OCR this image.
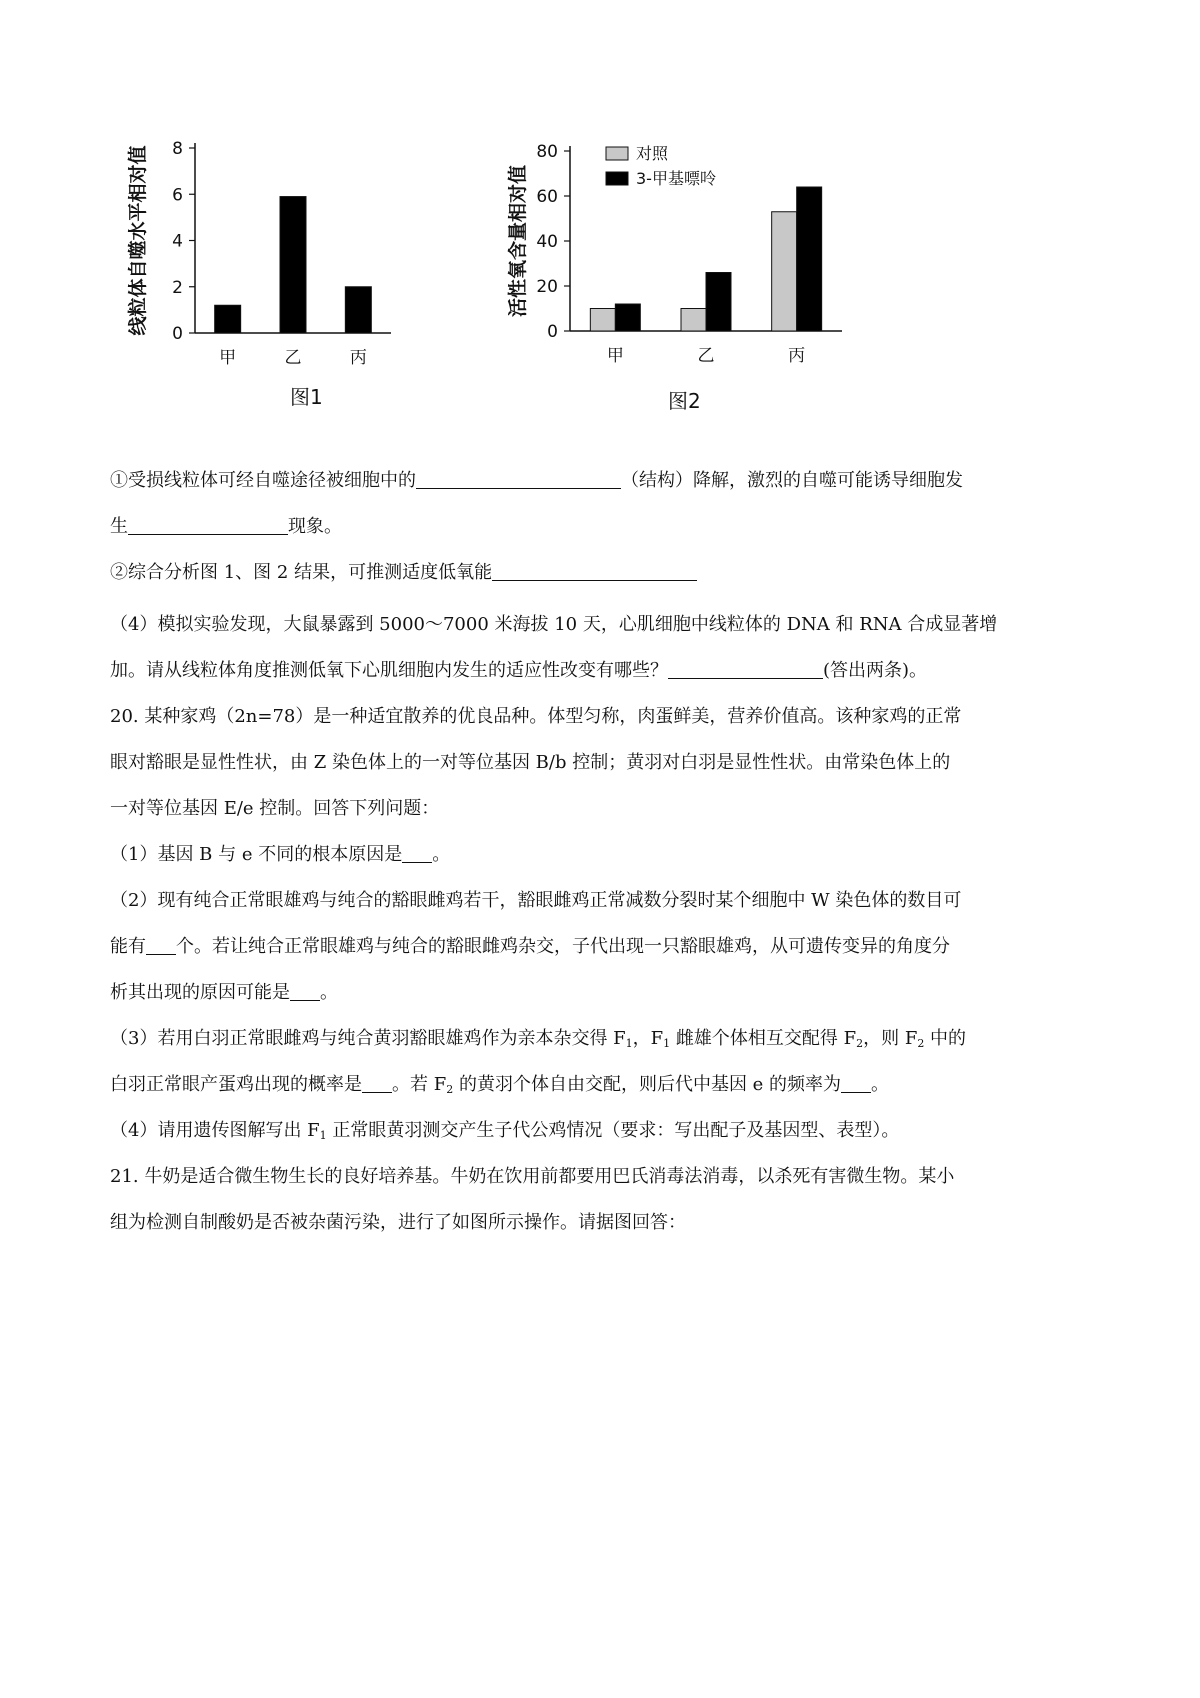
0
2
4
6
8
线粒体自噬水平相对值
甲	乙	丙
图1
0
20
40
60
80
活性氧含量相对值
甲	乙	丙
对照
3-甲基嘌呤
图2

①受损线粒体可经自噬途径被细胞中的	（结构）降解，激烈的自噬可能诱导细胞发

生	现象。

②综合分析图 1、图 2 结果，可推测适度低氧能

（4）模拟实验发现，大鼠暴露到 5000～7000 米海拔 10 天，心肌细胞中线粒体的 DNA 和 RNA 合成显著增

加。请从线粒体角度推测低氧下心肌细胞内发生的适应性改变有哪些？	(答出两条)。

20. 某种家鸡（2n=78）是一种适宜散养的优良品种。体型匀称，肉蛋鲜美，营养价值高。该种家鸡的正常

眼对豁眼是显性性状，由 Z 染色体上的一对等位基因 B/b 控制；黄羽对白羽是显性性状。由常染色体上的

一对等位基因 E/e 控制。回答下列问题：

（1）基因 B 与 e 不同的根本原因是 。

（2）现有纯合正常眼雄鸡与纯合的豁眼雌鸡若干，豁眼雌鸡正常减数分裂时某个细胞中 W 染色体的数目可

能有 个。若让纯合正常眼雄鸡与纯合的豁眼雌鸡杂交，子代出现一只豁眼雄鸡，从可遗传变异的角度分

析其出现的原因可能是 。

（3）若用白羽正常眼雌鸡与纯合黄羽豁眼雄鸡作为亲本杂交得 $F_1$，$F_1$ 雌雄个体相互交配得 $F_2$，则 $F_2$ 中的

白羽正常眼产蛋鸡出现的概率是 。若 $F_2$ 的黄羽个体自由交配，则后代中基因 e 的频率为 。

（4）请用遗传图解写出 $F_1$ 正常眼黄羽测交产生子代公鸡情况（要求：写出配子及基因型、表型）。

21. 牛奶是适合微生物生长的良好培养基。牛奶在饮用前都要用巴氏消毒法消毒，以杀死有害微生物。某小

组为检测自制酸奶是否被杂菌污染，进行了如图所示操作。请据图回答：
